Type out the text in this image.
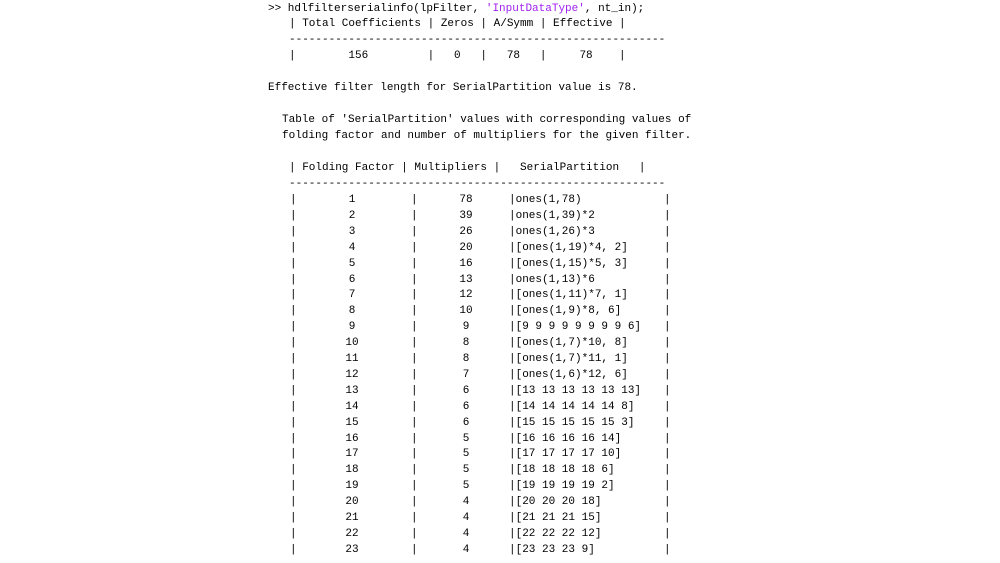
>> hdlfilterserialinfo(lpFilter, 'InputDataType', nt_in);
| Total Coefficients | Zeros | A/Symm | Effective |
---------------------------------------------------------
|        156         |   0   |   78   |     78    |
Effective filter length for SerialPartition value is 78.
Table of 'SerialPartition' values with corresponding values of
folding factor and number of multipliers for the given filter.
| Folding Factor | Multipliers |   SerialPartition   |
---------------------------------------------------------
|	1	|	78	|ones(1,78)	|
|	2	|	39	|ones(1,39)*2	|
|	3	|	26	|ones(1,26)*3	|
|	4	|	20	|[ones(1,19)*4, 2]	|
|	5	|	16	|[ones(1,15)*5, 3]	|
|	6	|	13	|ones(1,13)*6	|
|	7	|	12	|[ones(1,11)*7, 1]	|
|	8	|	10	|[ones(1,9)*8, 6]	|
|	9	|	9	|[9 9 9 9 9 9 9 9 6] |
|	10	|	8	|[ones(1,7)*10, 8]	|
|	11	|	8	|[ones(1,7)*11, 1]	|
|	12	|	7	|[ones(1,6)*12, 6]	|
|	13	|	6	|[13 13 13 13 13 13] |
|	14	|	6	|[14 14 14 14 14 8]	|
|	15	|	6	|[15 15 15 15 15 3]	|
|	16	|	5	|[16 16 16 16 14]	|
|	17	|	5	|[17 17 17 17 10]	|
|	18	|	5	|[18 18 18 18 6]	|
|	19	|	5	|[19 19 19 19 2]	|
|	20	|	4	|[20 20 20 18]	|
|	21	|	4	|[21 21 21 15]	|
|	22	|	4	|[22 22 22 12]	|
|	23	|	4	|[23 23 23 9]	|
